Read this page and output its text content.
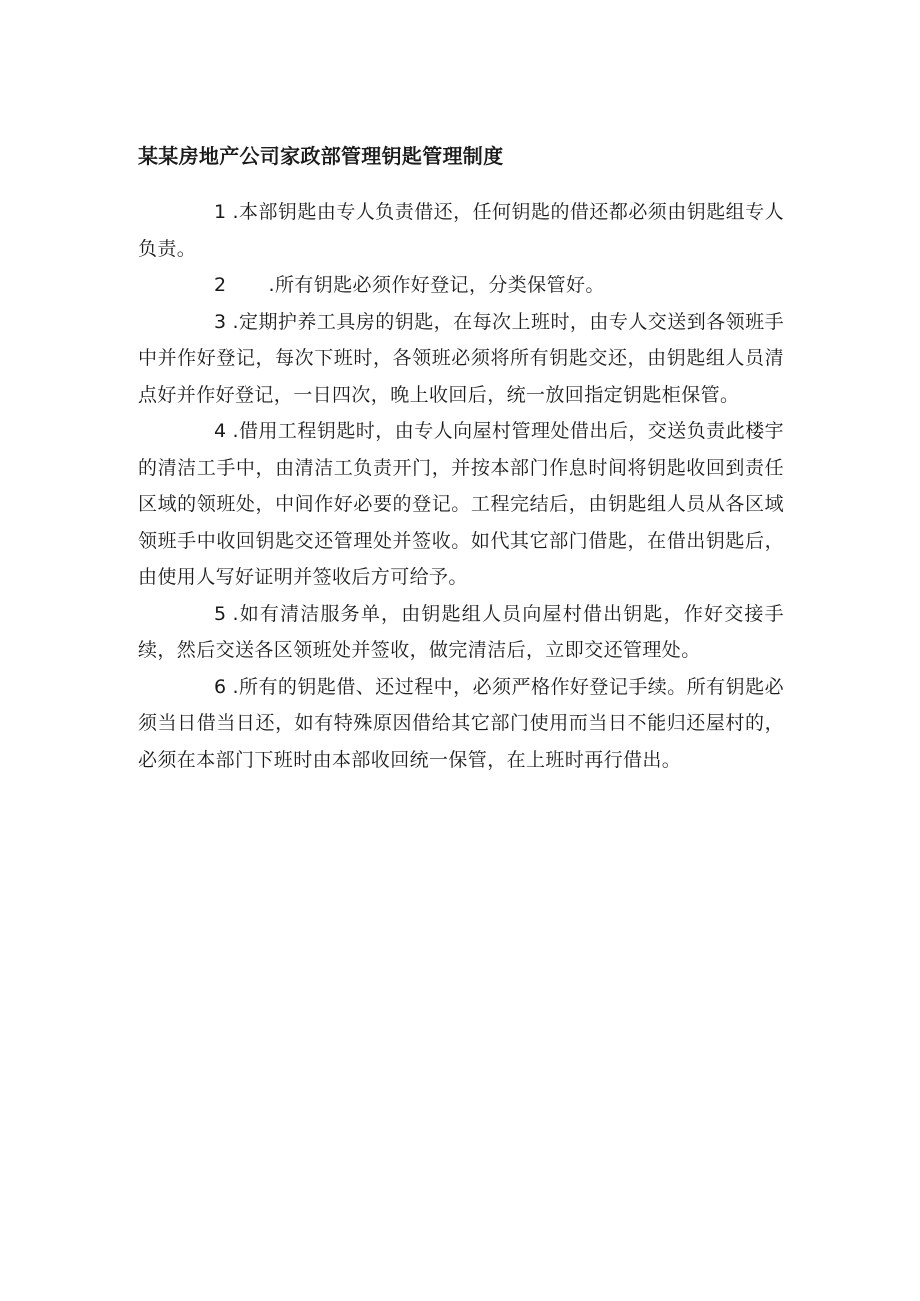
某某房地产公司家政部管理钥匙管理制度

1 .本部钥匙由专人负责借还，任何钥匙的借还都必须由钥匙组专人负责。

2 .所有钥匙必须作好登记，分类保管好。

3 .定期护养工具房的钥匙，在每次上班时，由专人交送到各领班手中并作好登记，每次下班时，各领班必须将所有钥匙交还，由钥匙组人员清点好并作好登记，一日四次，晚上收回后，统一放回指定钥匙柜保管。

4 .借用工程钥匙时，由专人向屋村管理处借出后，交送负责此楼宇的清洁工手中，由清洁工负责开门，并按本部门作息时间将钥匙收回到责任区域的领班处，中间作好必要的登记。工程完结后，由钥匙组人员从各区域领班手中收回钥匙交还管理处并签收。如代其它部门借匙，在借出钥匙后，由使用人写好证明并签收后方可给予。

5 .如有清洁服务单，由钥匙组人员向屋村借出钥匙，作好交接手续，然后交送各区领班处并签收，做完清洁后，立即交还管理处。

6 .所有的钥匙借、还过程中，必须严格作好登记手续。所有钥匙必须当日借当日还，如有特殊原因借给其它部门使用而当日不能归还屋村的，必须在本部门下班时由本部收回统一保管，在上班时再行借出。
